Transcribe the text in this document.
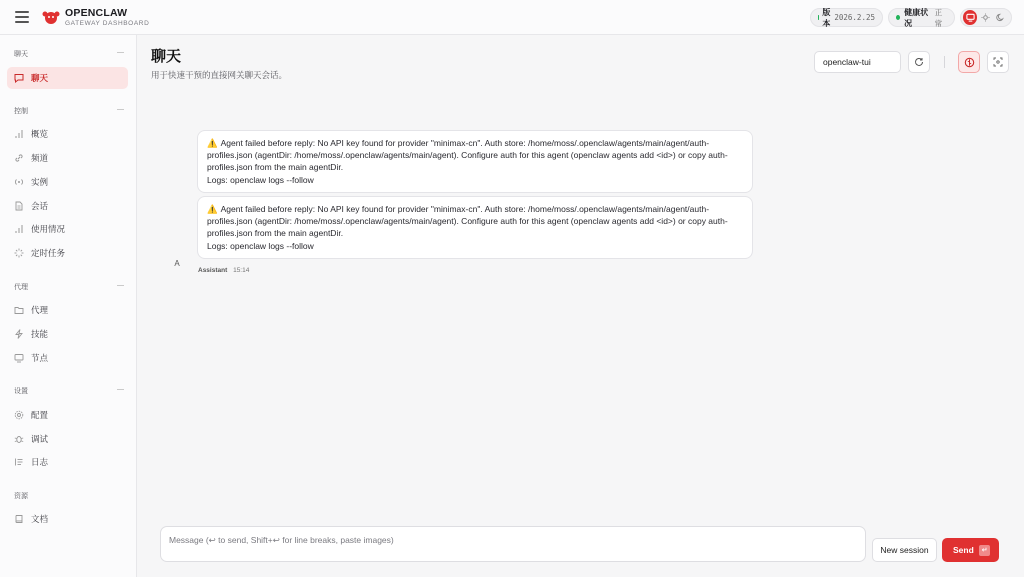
OPENCLAW
GATEWAY DASHBOARD
版本
2026.2.25
健康状况
正常
聊天	—
聊天
控制	—
概览
频道
实例
会话
使用情况
定时任务
代理	—
代理
技能
节点
设置	—
配置
调试
日志
资源
文档
聊天
用于快速干预的直接网关聊天会话。
openclaw-tui
⚠️ Agent failed before reply: No API key found for provider "minimax-cn". Auth store: /home/moss/.openclaw/agents/main/agent/auth-profiles.json (agentDir: /home/moss/.openclaw/agents/main/agent). Configure auth for this agent (openclaw agents add <id>) or copy auth-profiles.json from the main agentDir.
Logs: openclaw logs --follow
⚠️ Agent failed before reply: No API key found for provider "minimax-cn". Auth store: /home/moss/.openclaw/agents/main/agent/auth-profiles.json (agentDir: /home/moss/.openclaw/agents/main/agent). Configure auth for this agent (openclaw agents add <id>) or copy auth-profiles.json from the main agentDir.
Logs: openclaw logs --follow
A
Assistant 15:14
Message (↩ to send, Shift+↩ for line breaks, paste images)
New session	Send	↵
